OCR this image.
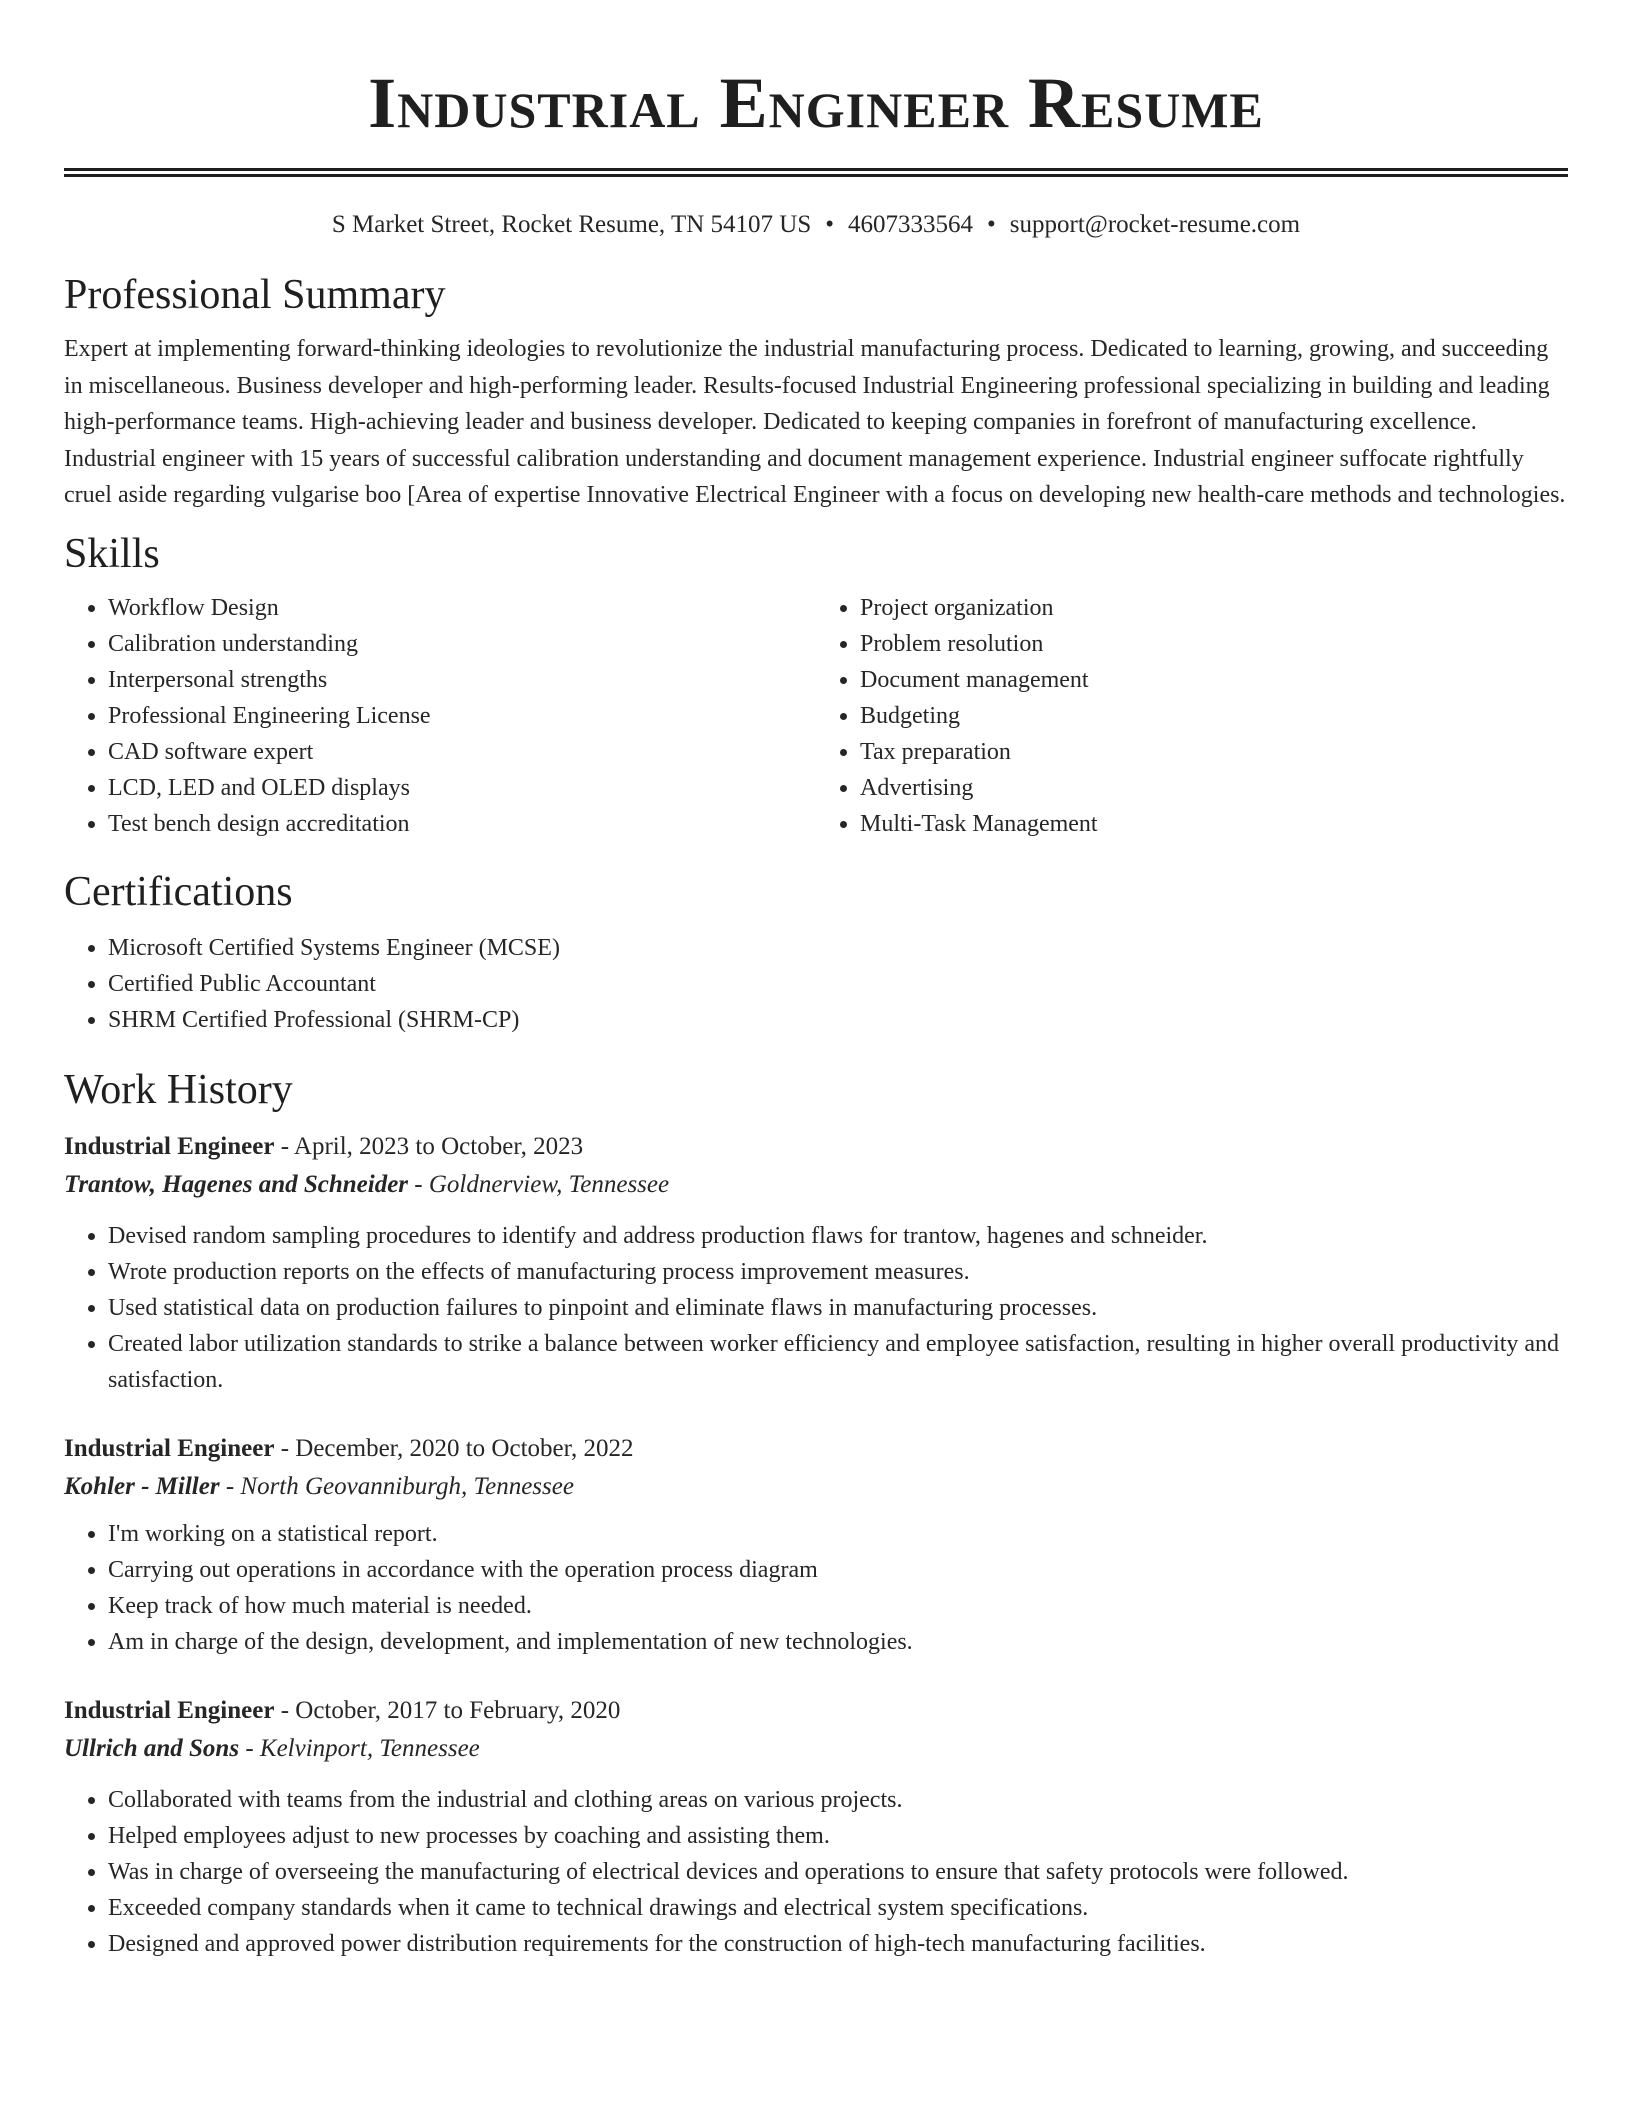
Industrial Engineer Resume
S Market Street, Rocket Resume, TN 54107 US • 4607333564 • support@rocket-resume.com
Professional Summary

Expert at implementing forward-thinking ideologies to revolutionize the industrial manufacturing process. Dedicated to learning, growing, and succeeding in miscellaneous. Business developer and high-performing leader. Results-focused Industrial Engineering professional specializing in building and leading high-performance teams. High-achieving leader and business developer. Dedicated to keeping companies in forefront of manufacturing excellence. Industrial engineer with 15 years of successful calibration understanding and document management experience. Industrial engineer suffocate rightfully cruel aside regarding vulgarise boo [Area of expertise Innovative Electrical Engineer with a focus on developing new health-care methods and technologies.

Skills
• Workflow Design
• Calibration understanding
• Interpersonal strengths
• Professional Engineering License
• CAD software expert
• LCD, LED and OLED displays
• Test bench design accreditation
• Project organization
• Problem resolution
• Document management
• Budgeting
• Tax preparation
• Advertising
• Multi-Task Management
Certifications
• Microsoft Certified Systems Engineer (MCSE)
• Certified Public Accountant
• SHRM Certified Professional (SHRM-CP)
Work History
Industrial Engineer - April, 2023 to October, 2023
Trantow, Hagenes and Schneider - Goldnerview, Tennessee
• Devised random sampling procedures to identify and address production flaws for trantow, hagenes and schneider.
• Wrote production reports on the effects of manufacturing process improvement measures.
• Used statistical data on production failures to pinpoint and eliminate flaws in manufacturing processes.
• Created labor utilization standards to strike a balance between worker efficiency and employee satisfaction, resulting in higher overall productivity and satisfaction.
Industrial Engineer - December, 2020 to October, 2022
Kohler - Miller - North Geovanniburgh, Tennessee
• I'm working on a statistical report.
• Carrying out operations in accordance with the operation process diagram
• Keep track of how much material is needed.
• Am in charge of the design, development, and implementation of new technologies.
Industrial Engineer - October, 2017 to February, 2020
Ullrich and Sons - Kelvinport, Tennessee
• Collaborated with teams from the industrial and clothing areas on various projects.
• Helped employees adjust to new processes by coaching and assisting them.
• Was in charge of overseeing the manufacturing of electrical devices and operations to ensure that safety protocols were followed.
• Exceeded company standards when it came to technical drawings and electrical system specifications.
• Designed and approved power distribution requirements for the construction of high-tech manufacturing facilities.
